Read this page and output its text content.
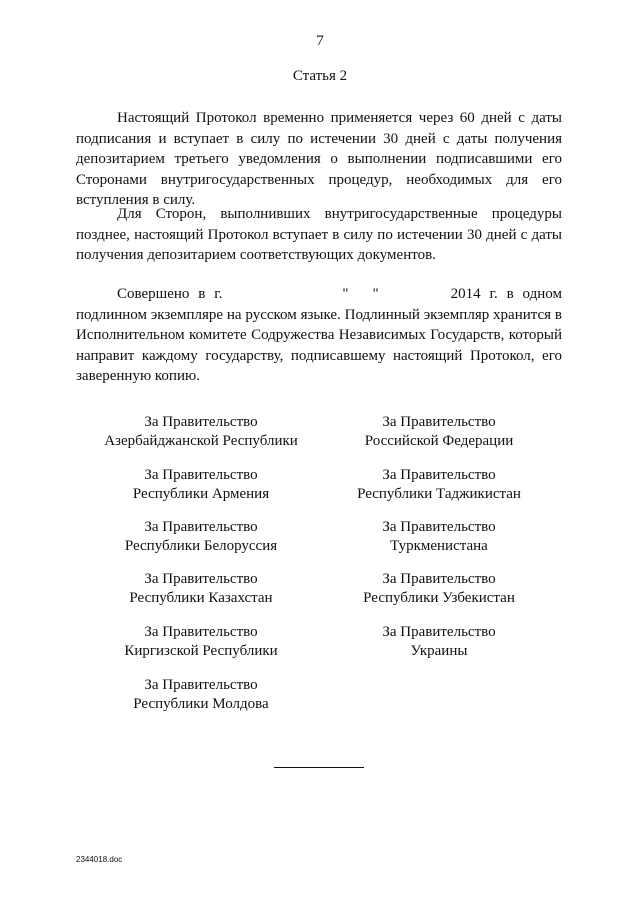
7
Статья 2

Настоящий Протокол временно применяется через 60 дней с даты подписания и вступает в силу по истечении 30 дней с даты получения депозитарием третьего уведомления о выполнении подписавшими его Сторонами внутригосударственных процедур, необходимых для его вступления в силу.

Для Сторон, выполнивших внутригосударственные процедуры позднее, настоящий Протокол вступает в силу по истечении 30 дней с даты получения депозитарием соответствующих документов.

Совершено в г.	" "	2014 г. в одном подлинном экземпляре на русском языке. Подлинный экземпляр хранится в Исполнительном комитете Содружества Независимых Государств, который направит каждому государству, подписавшему настоящий Протокол, его заверенную копию.

За Правительство
Азербайджанской Республики
За Правительство
Республики Армения
За Правительство
Республики Белоруссия
За Правительство
Республики Казахстан
За Правительство
Киргизской Республики
За Правительство
Республики Молдова
За Правительство
Российской Федерации
За Правительство
Республики Таджикистан
За Правительство
Туркменистана
За Правительство
Республики Узбекистан
За Правительство
Украины
2344018.doc
